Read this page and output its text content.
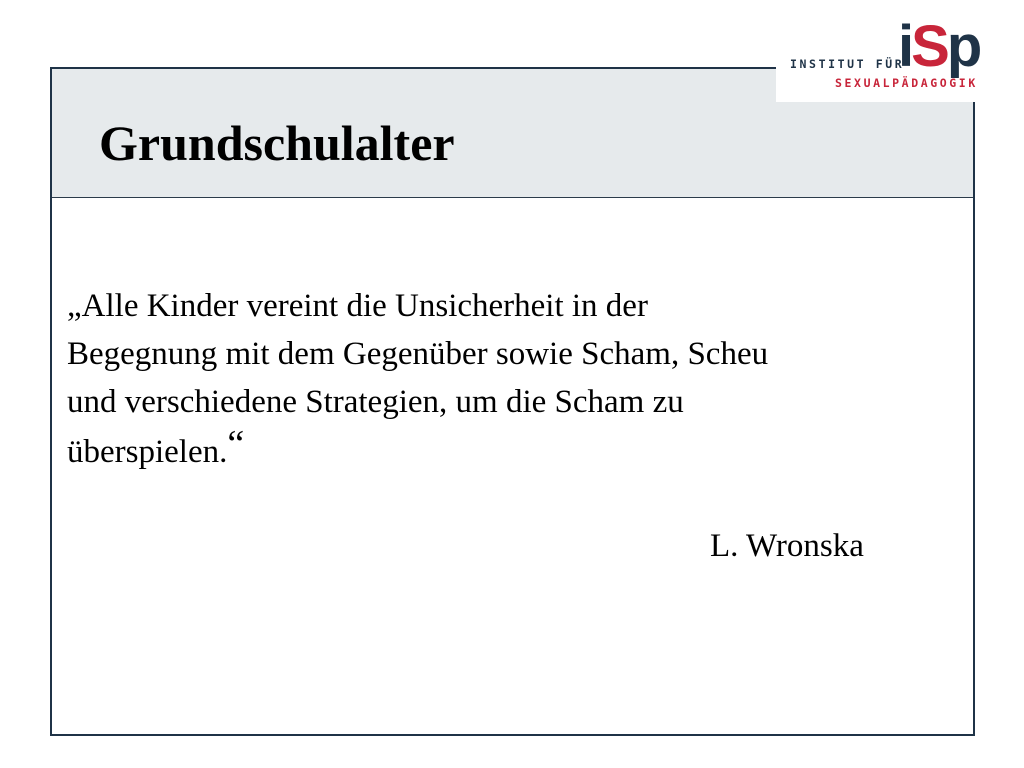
Grundschulalter
„Alle Kinder vereint die Unsicherheit in der
Begegnung mit dem Gegenüber sowie Scham, Scheu
und verschiedene Strategien, um die Scham zu
überspielen.“
L. Wronska
iSp
INSTITUT FÜR
SEXUALPÄDAGOGIK
